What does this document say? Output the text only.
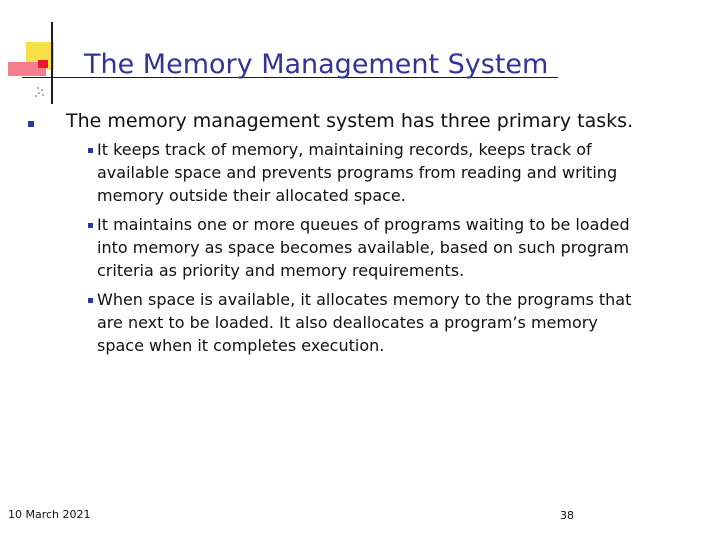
The Memory Management System
The memory management system has three primary tasks.

It keeps track of memory, maintaining records, keeps track of

available space and prevents programs from reading and writing

memory outside their allocated space.

It maintains one or more queues of programs waiting to be loaded

into memory as space becomes available, based on such program

criteria as priority and memory requirements.

When space is available, it allocates memory to the programs that

are next to be loaded. It also deallocates a program’s memory

space when it completes execution.

10 March 2021	38
